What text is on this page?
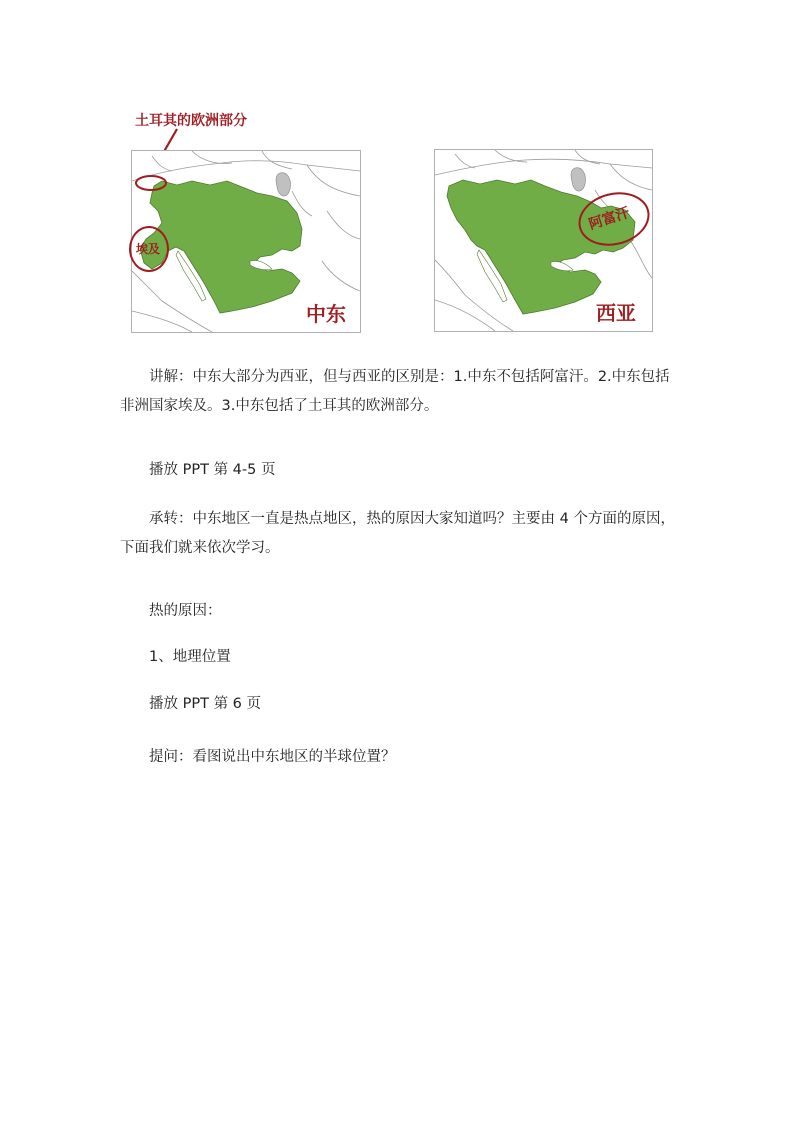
土耳其的欧洲部分
埃及
中东
阿富汗
西亚

讲解：中东大部分为西亚，但与西亚的区别是：1.中东不包括阿富汗。2.中东包括非洲国家埃及。3.中东包括了土耳其的欧洲部分。

播放 PPT 第 4-5 页

承转：中东地区一直是热点地区，热的原因大家知道吗？主要由 4 个方面的原因，下面我们就来依次学习。

热的原因：

1、地理位置

播放 PPT 第 6 页

提问：看图说出中东地区的半球位置？
